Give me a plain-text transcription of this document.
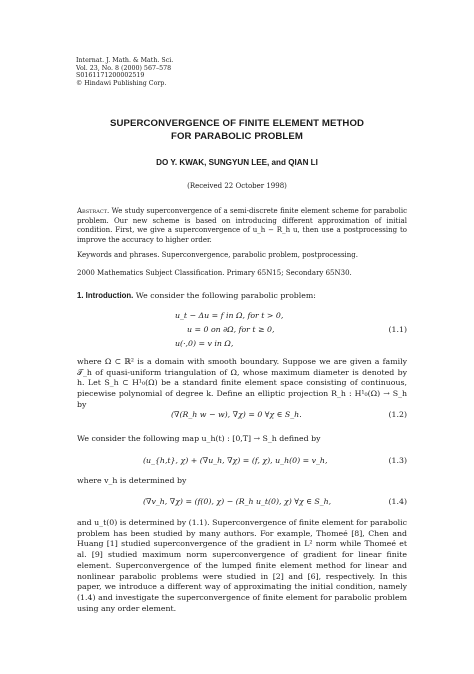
Internat. J. Math. & Math. Sci.
Vol. 23, No. 8 (2000) 567–578
S0161171200002519
© Hindawi Publishing Corp.
SUPERCONVERGENCE OF FINITE ELEMENT METHOD
FOR PARABOLIC PROBLEM
DO Y. KWAK, SUNGYUN LEE, and QIAN LI
(Received 22 October 1998)
Abstract. We study superconvergence of a semi-discrete finite element scheme for parabolic problem. Our new scheme is based on introducing different approximation of initial condition. First, we give a superconvergence of u_h − R_h u, then use a postprocessing to improve the accuracy to higher order.
Keywords and phrases. Superconvergence, parabolic problem, postprocessing.
2000 Mathematics Subject Classification. Primary 65N15; Secondary 65N30.
1. Introduction. We consider the following parabolic problem:
u_t − Δu = f in Ω, for t > 0,
u = 0 on ∂Ω, for t ≥ 0,
u(·,0) = v in Ω,
(1.1)
where Ω ⊂ ℝ² is a domain with smooth boundary. Suppose we are given a family 𝒯_h of quasi-uniform triangulation of Ω, whose maximum diameter is denoted by h. Let S_h ⊂ H¹₀(Ω) be a standard finite element space consisting of continuous, piecewise polynomial of degree k. Define an elliptic projection R_h : H¹₀(Ω) → S_h by
(∇(R_h w − w), ∇χ) = 0 ∀χ ∈ S_h.	(1.2)
We consider the following map u_h(t) : [0,T] → S_h defined by
(u_{h,t}, χ) + (∇u_h, ∇χ) = (f, χ), u_h(0) = v_h,	(1.3)
where v_h is determined by
(∇v_h, ∇χ) = (f(0), χ) − (R_h u_t(0), χ) ∀χ ∈ S_h,	(1.4)
and u_t(0) is determined by (1.1). Superconvergence of finite element for parabolic problem has been studied by many authors. For example, Thomeé [8], Chen and Huang [1] studied superconvergence of the gradient in L² norm while Thomeé et al. [9] studied maximum norm superconvergence of gradient for linear finite element. Superconvergence of the lumped finite element method for linear and nonlinear parabolic problems were studied in [2] and [6], respectively. In this paper, we introduce a different way of approximating the initial condition, namely (1.4) and investigate the superconvergence of finite element for parabolic problem using any order element.
